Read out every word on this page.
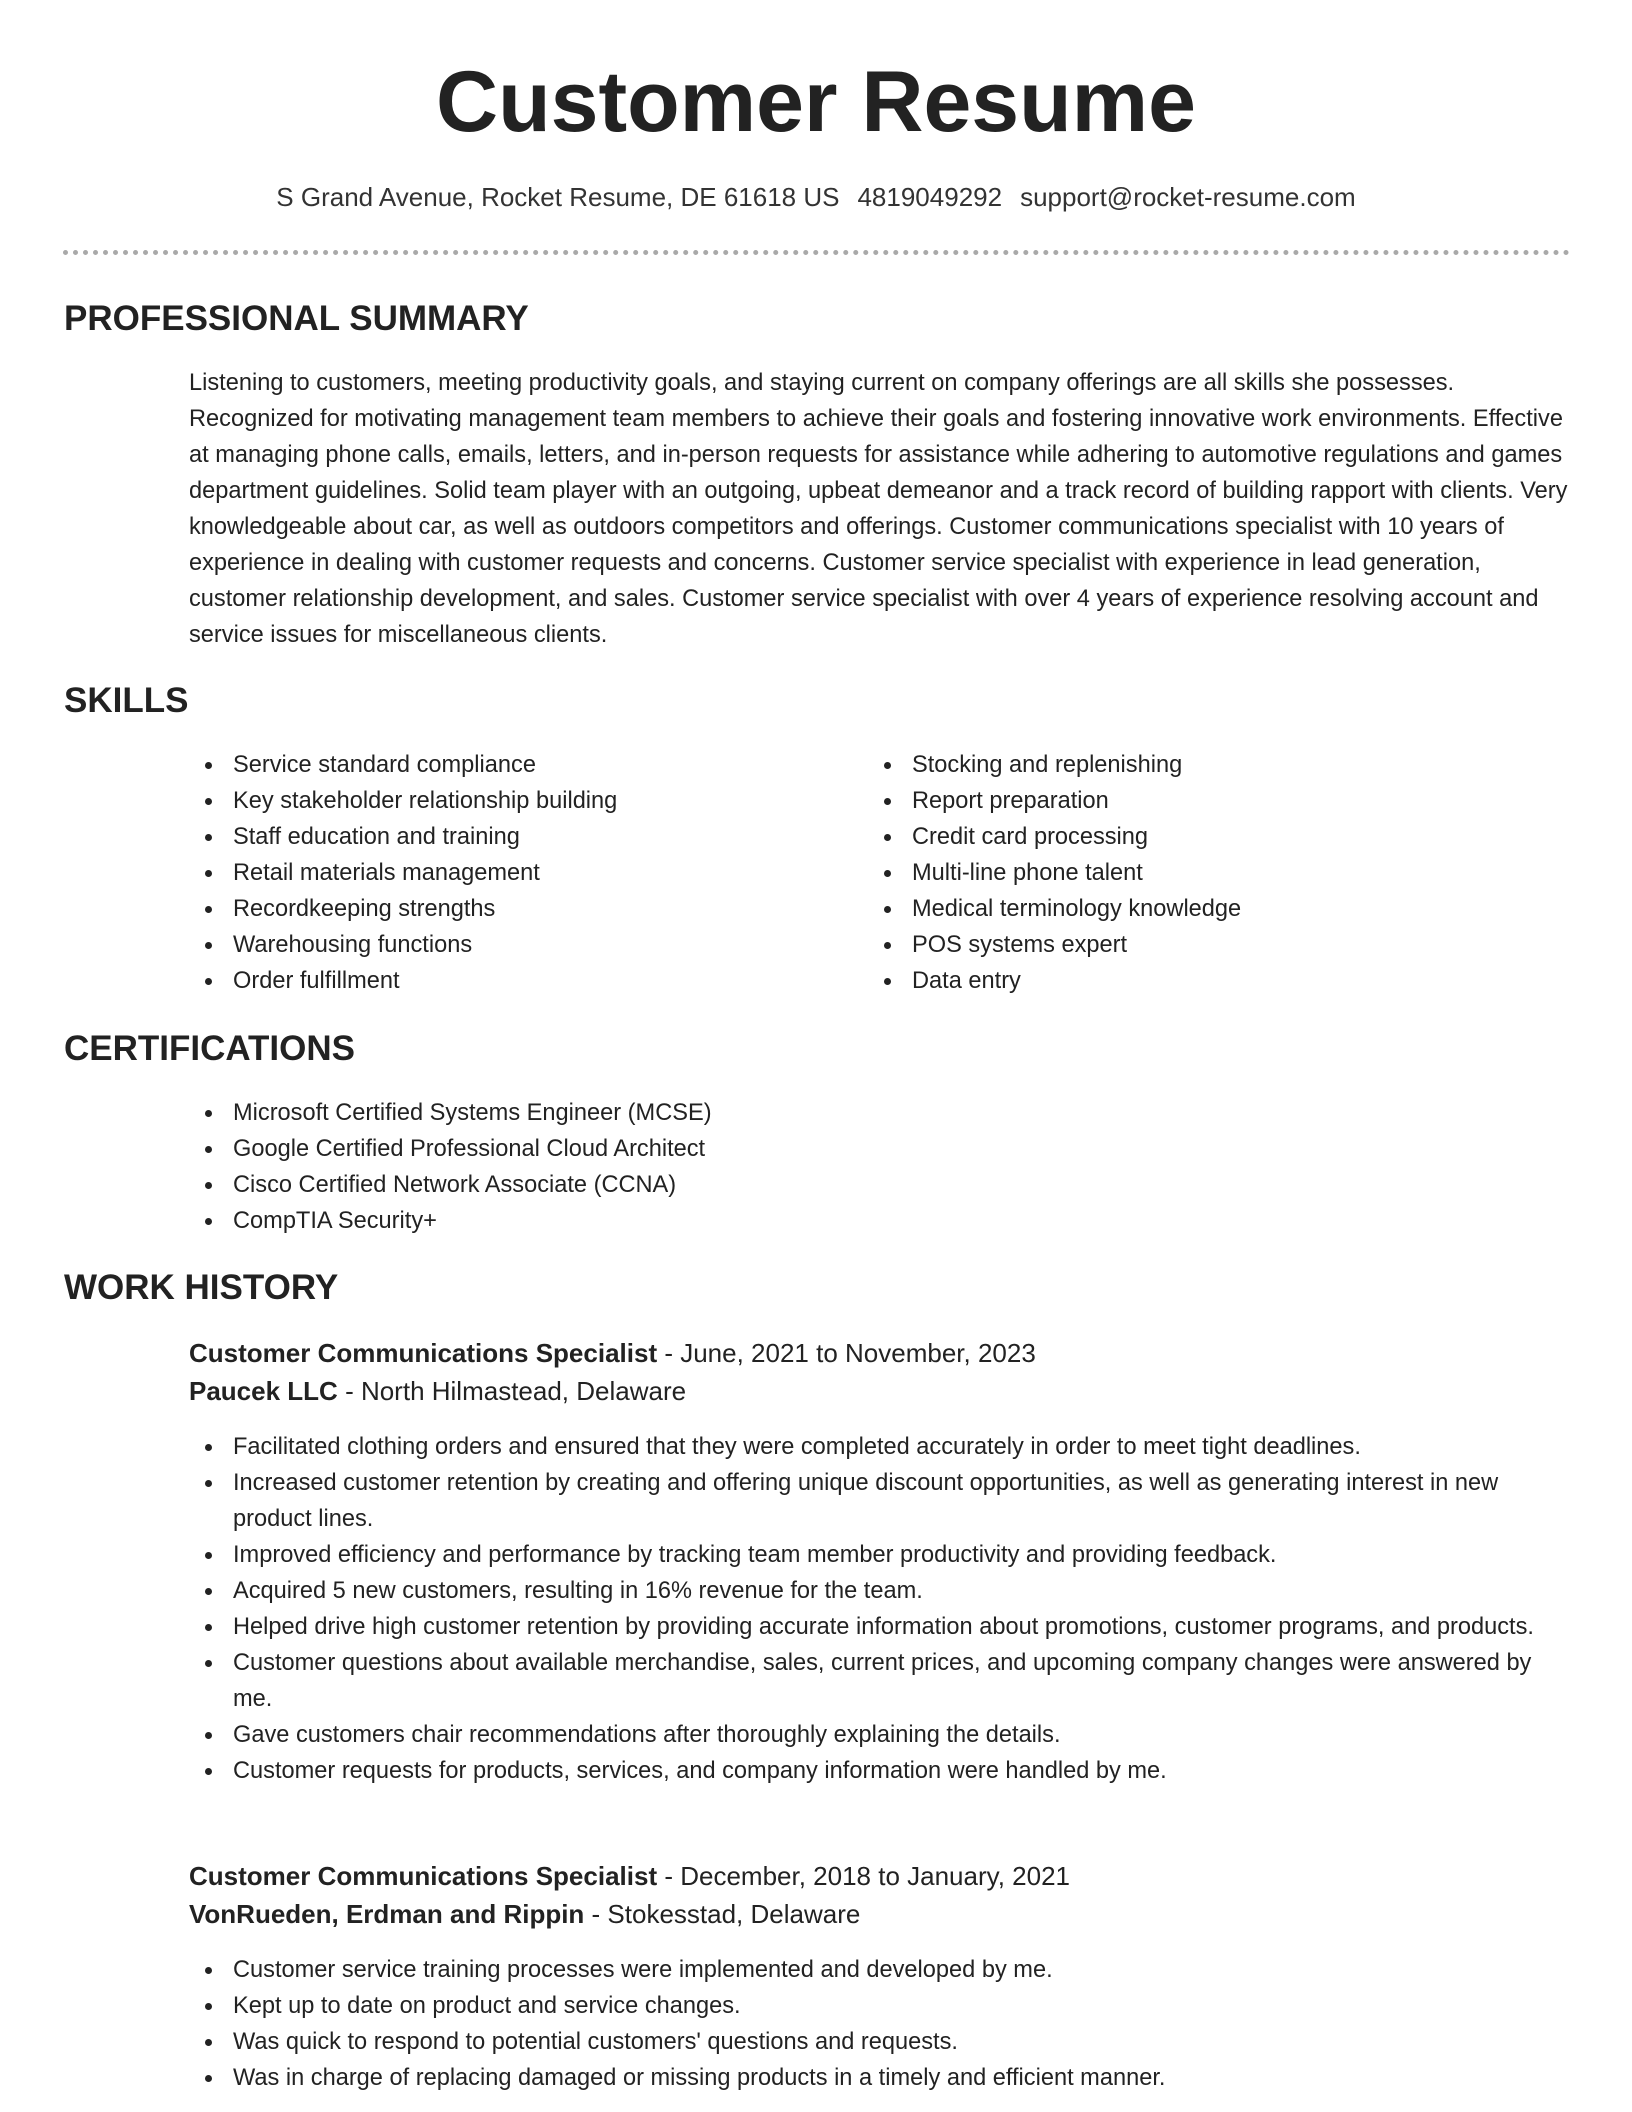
Customer Resume
S Grand Avenue, Rocket Resume, DE 61618 US 4819049292 support@rocket-resume.com
PROFESSIONAL SUMMARY
Listening to customers, meeting productivity goals, and staying current on company offerings are all skills she possesses. Recognized for motivating management team members to achieve their goals and fostering innovative work environments. Effective at managing phone calls, emails, letters, and in-person requests for assistance while adhering to automotive regulations and games department guidelines. Solid team player with an outgoing, upbeat demeanor and a track record of building rapport with clients. Very knowledgeable about car, as well as outdoors competitors and offerings. Customer communications specialist with 10 years of experience in dealing with customer requests and concerns. Customer service specialist with experience in lead generation, customer relationship development, and sales. Customer service specialist with over 4 years of experience resolving account and service issues for miscellaneous clients.
SKILLS
Service standard compliance
Key stakeholder relationship building
Staff education and training
Retail materials management
Recordkeeping strengths
Warehousing functions
Order fulfillment
Stocking and replenishing
Report preparation
Credit card processing
Multi-line phone talent
Medical terminology knowledge
POS systems expert
Data entry
CERTIFICATIONS
Microsoft Certified Systems Engineer (MCSE)
Google Certified Professional Cloud Architect
Cisco Certified Network Associate (CCNA)
CompTIA Security+
WORK HISTORY
Customer Communications Specialist - June, 2021 to November, 2023
Paucek LLC - North Hilmastead, Delaware
Facilitated clothing orders and ensured that they were completed accurately in order to meet tight deadlines.
Increased customer retention by creating and offering unique discount opportunities, as well as generating interest in new product lines.
Improved efficiency and performance by tracking team member productivity and providing feedback.
Acquired 5 new customers, resulting in 16% revenue for the team.
Helped drive high customer retention by providing accurate information about promotions, customer programs, and products.
Customer questions about available merchandise, sales, current prices, and upcoming company changes were answered by me.
Gave customers chair recommendations after thoroughly explaining the details.
Customer requests for products, services, and company information were handled by me.
Customer Communications Specialist - December, 2018 to January, 2021
VonRueden, Erdman and Rippin - Stokesstad, Delaware
Customer service training processes were implemented and developed by me.
Kept up to date on product and service changes.
Was quick to respond to potential customers' questions and requests.
Was in charge of replacing damaged or missing products in a timely and efficient manner.
